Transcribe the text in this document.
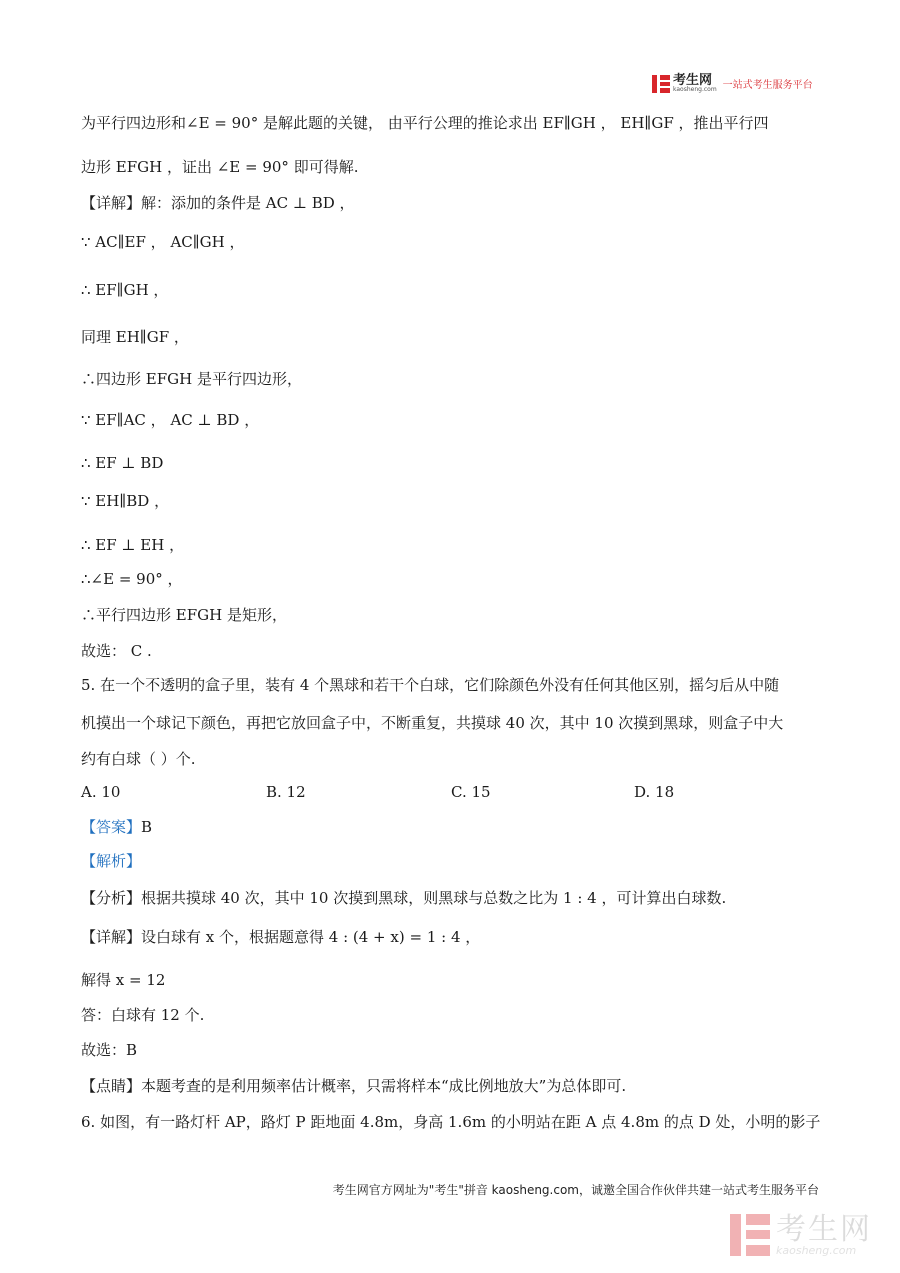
考生网
kaosheng.com 一站式考生服务平台
为平行四边形和∠E = 90° 是解此题的关键， 由平行公理的推论求出 EF∥GH ， EH∥GF ，推出平行四
边形 EFGH ，证出 ∠E = 90° 即可得解.
【详解】解：添加的条件是 AC ⊥ BD ，
∵ AC∥EF ， AC∥GH ，
∴ EF∥GH ，
同理 EH∥GF ，
∴四边形 EFGH 是平行四边形，
∵ EF∥AC ， AC ⊥ BD ，
∴ EF ⊥ BD
∵ EH∥BD ，
∴ EF ⊥ EH ，
∴∠E = 90° ，
∴平行四边形 EFGH 是矩形，
故选： C .
5. 在一个不透明的盒子里，装有 4 个黑球和若干个白球，它们除颜色外没有任何其他区别，摇匀后从中随
机摸出一个球记下颜色，再把它放回盒子中，不断重复，共摸球 40 次，其中 10 次摸到黑球，则盒子中大
约有白球（ ）个.
A. 10	B. 12	C. 15	D. 18
【答案】B
【解析】
【分析】根据共摸球 40 次，其中 10 次摸到黑球，则黑球与总数之比为 1 : 4 ，可计算出白球数.
【详解】设白球有 x 个，根据题意得 4 : (4 + x) = 1 : 4 ，
解得 x = 12
答：白球有 12 个.
故选：B
【点睛】本题考查的是利用频率估计概率，只需将样本“成比例地放大”为总体即可.
6. 如图，有一路灯杆 AP，路灯 P 距地面 4.8m，身高 1.6m 的小明站在距 A 点 4.8m 的点 D 处，小明的影子
考生网官方网址为"考生"拼音 kaosheng.com，诚邀全国合作伙伴共建一站式考生服务平台
考生网
kaosheng.com
